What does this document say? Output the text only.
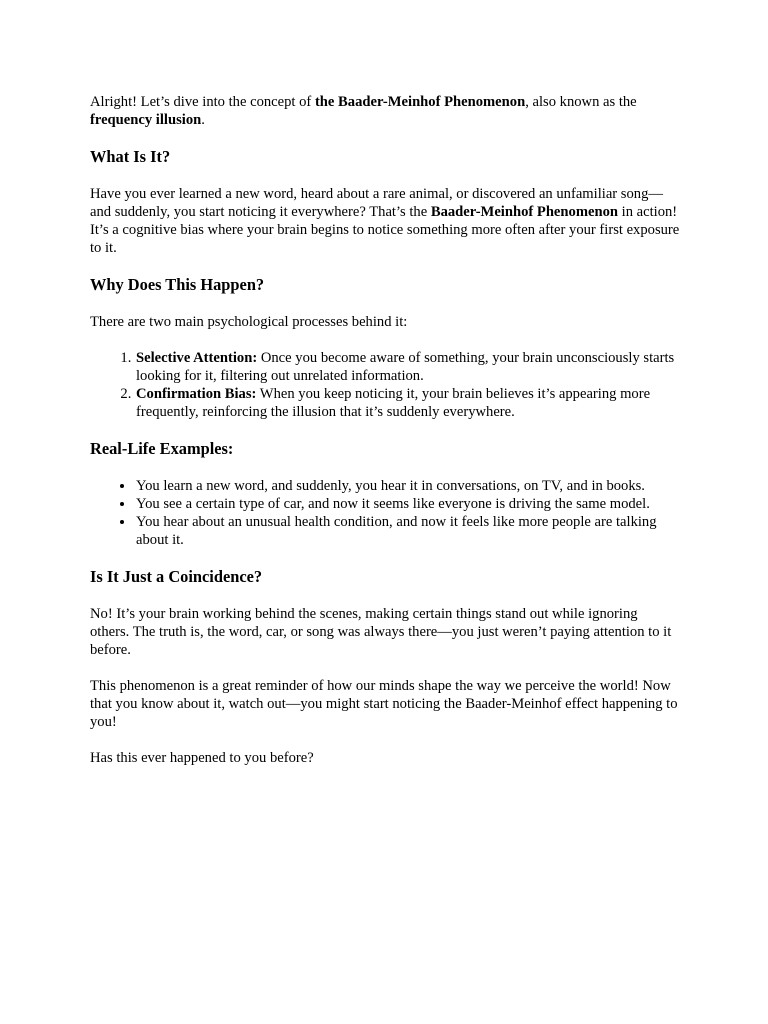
Alright! Let’s dive into the concept of the Baader-Meinhof Phenomenon, also known as the frequency illusion.

What Is It?

Have you ever learned a new word, heard about a rare animal, or discovered an unfamiliar song—and suddenly, you start noticing it everywhere? That’s the Baader-Meinhof Phenomenon in action! It’s a cognitive bias where your brain begins to notice something more often after your first exposure to it.

Why Does This Happen?

There are two main psychological processes behind it:

1. Selective Attention: Once you become aware of something, your brain unconsciously starts looking for it, filtering out unrelated information.
2. Confirmation Bias: When you keep noticing it, your brain believes it’s appearing more frequently, reinforcing the illusion that it’s suddenly everywhere.
Real-Life Examples:
• You learn a new word, and suddenly, you hear it in conversations, on TV, and in books.
• You see a certain type of car, and now it seems like everyone is driving the same model.
• You hear about an unusual health condition, and now it feels like more people are talking about it.
Is It Just a Coincidence?

No! It’s your brain working behind the scenes, making certain things stand out while ignoring others. The truth is, the word, car, or song was always there—you just weren’t paying attention to it before.

This phenomenon is a great reminder of how our minds shape the way we perceive the world! Now that you know about it, watch out—you might start noticing the Baader-Meinhof effect happening to you!

Has this ever happened to you before?
